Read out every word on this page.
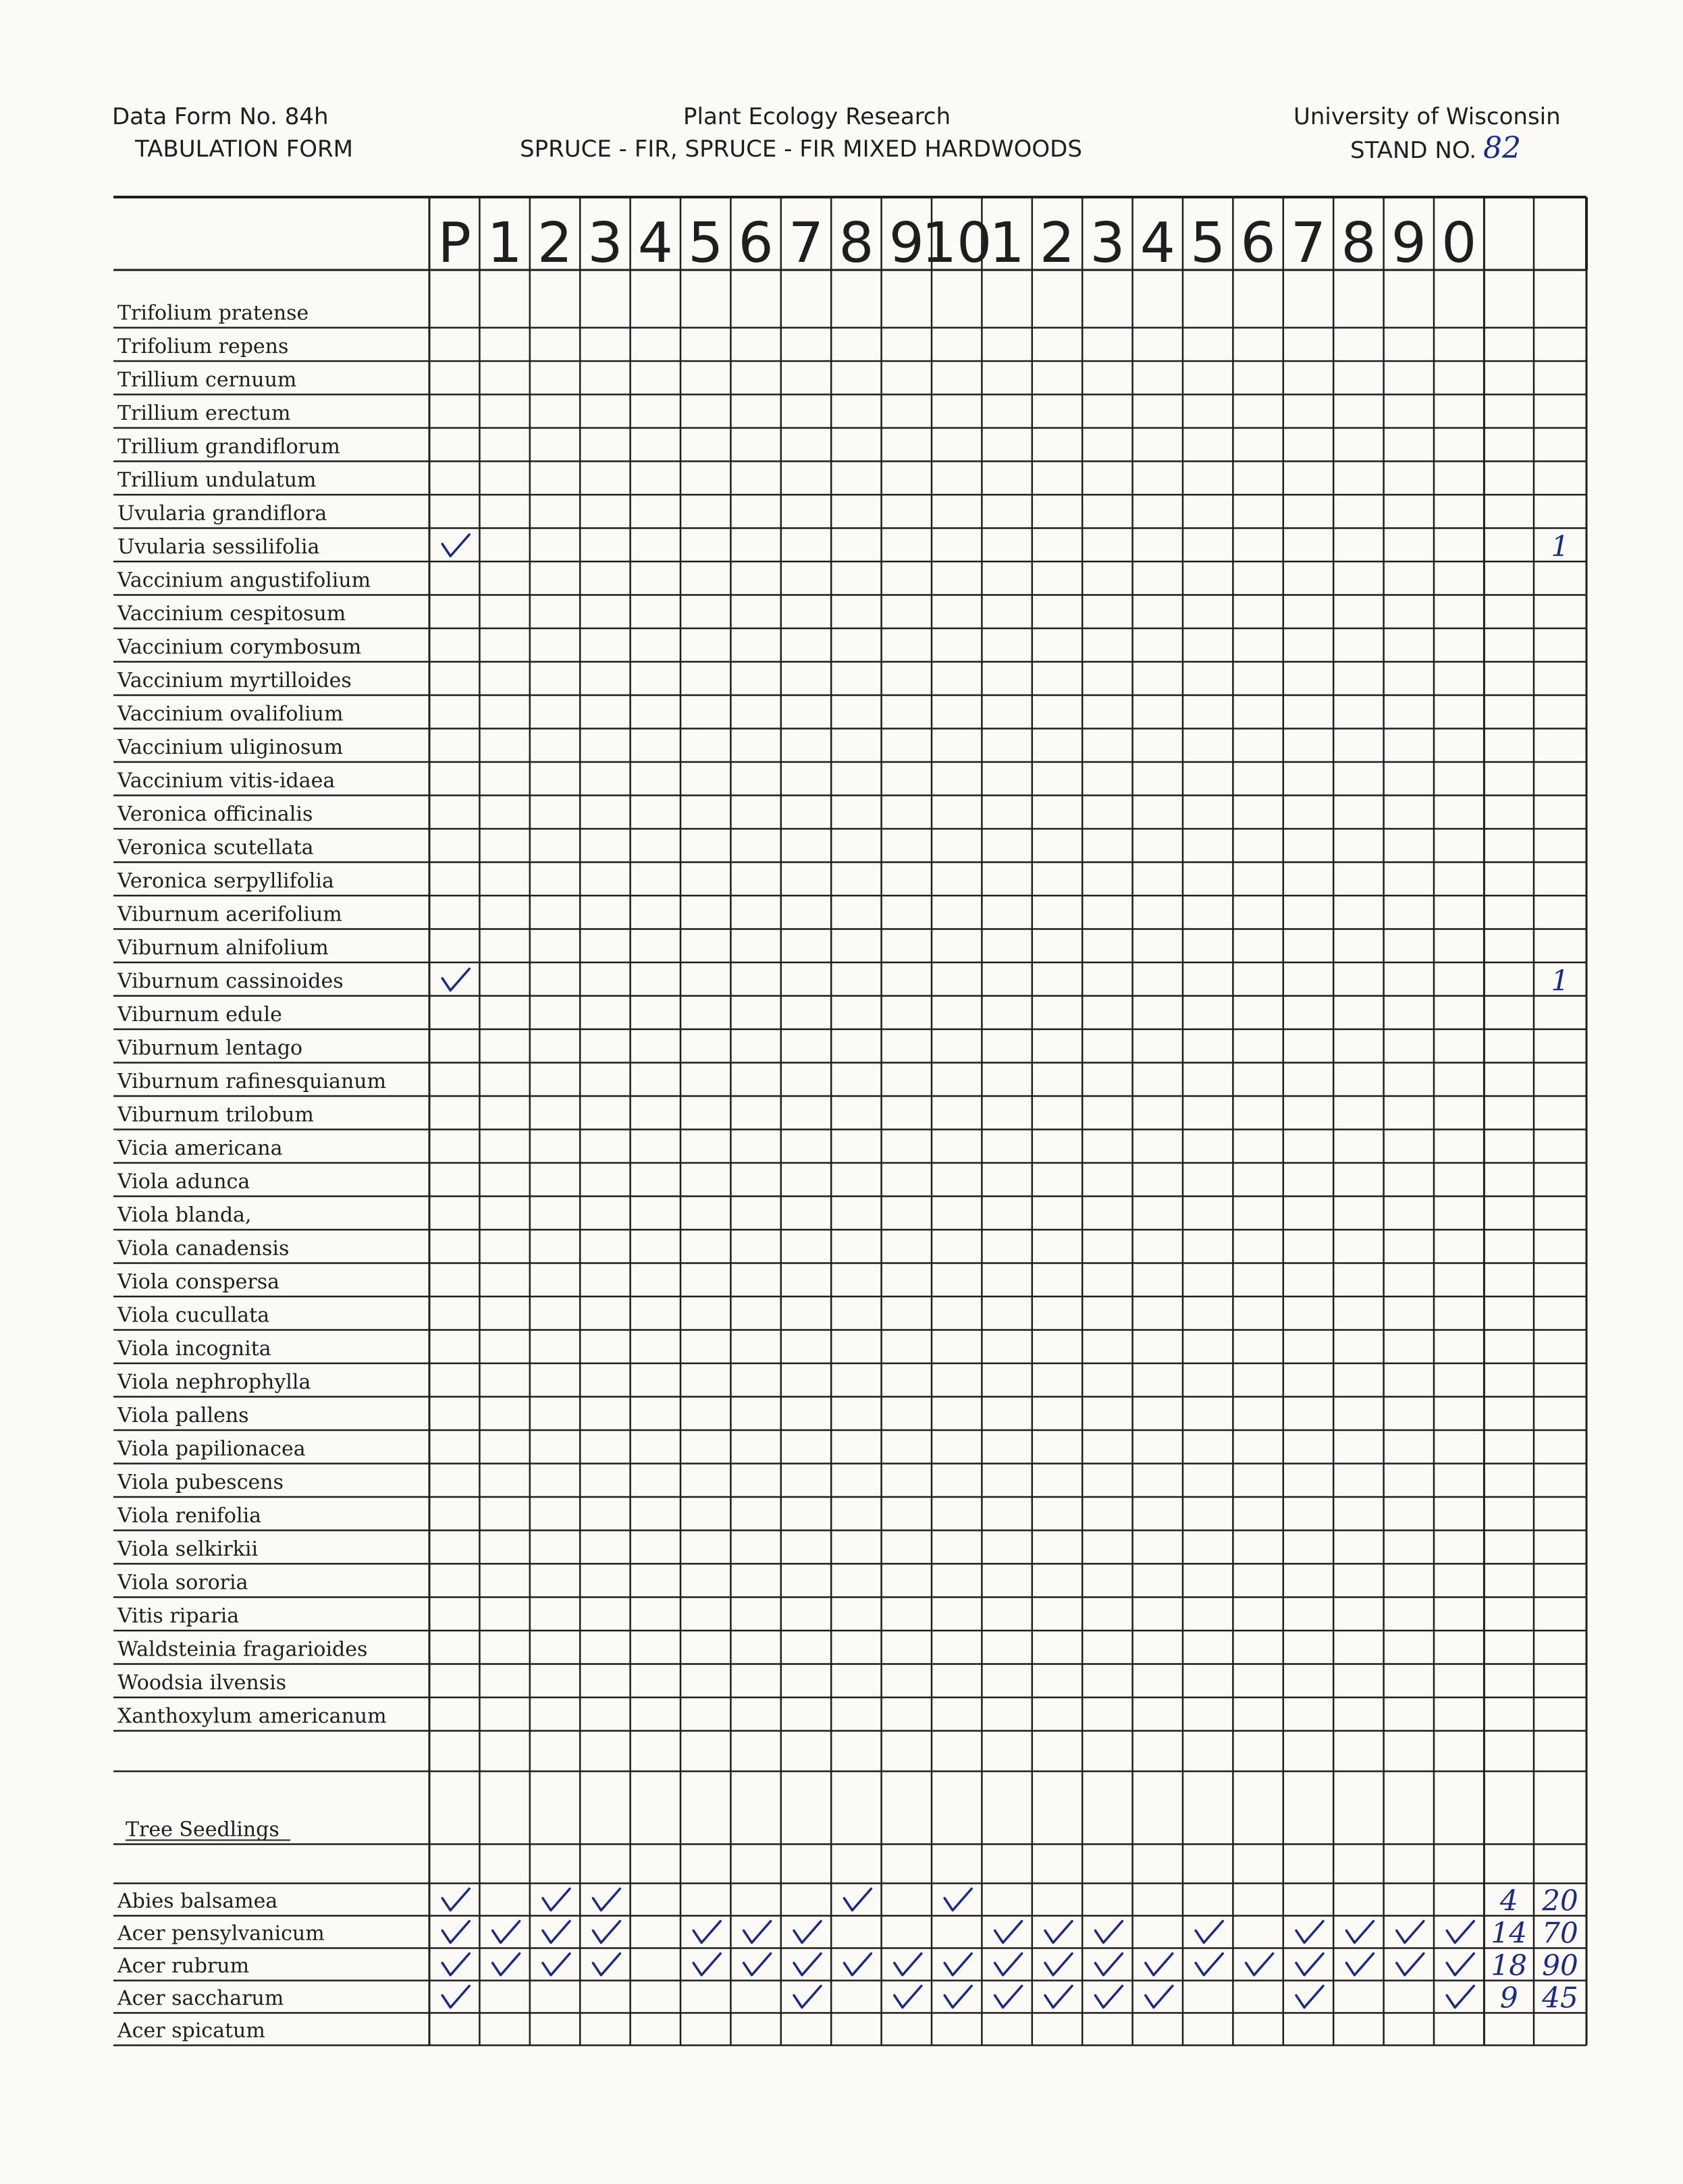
Data Form No. 84h
TABULATION FORM
Plant Ecology Research
SPRUCE - FIR, SPRUCE - FIR MIXED HARDWOODS
University of Wisconsin
STAND NO. 82
P 1 2 3 4 5 6 7 8 9
10
1 2 3 4 5 6 7 8 9 0
Trifolium pratense
Trifolium repens
Trillium cernuum
Trillium erectum
Trillium grandiflorum
Trillium undulatum
Uvularia grandiflora
Uvularia sessilifolia
Vaccinium angustifolium
Vaccinium cespitosum
Vaccinium corymbosum
Vaccinium myrtilloides
Vaccinium ovalifolium
Vaccinium uliginosum
Vaccinium vitis-idaea
Veronica officinalis
Veronica scutellata
Veronica serpyllifolia
Viburnum acerifolium
Viburnum alnifolium
Viburnum cassinoides
Viburnum edule
Viburnum lentago
Viburnum rafinesquianum
Viburnum trilobum
Vicia americana
Viola adunca
Viola blanda,
Viola canadensis
Viola conspersa
Viola cucullata
Viola incognita
Viola nephrophylla
Viola pallens
Viola papilionacea
Viola pubescens
Viola renifolia
Viola selkirkii
Viola sororia
Vitis riparia
Waldsteinia fragarioides
Woodsia ilvensis
Xanthoxylum americanum
Tree Seedlings
Abies balsamea
Acer pensylvanicum
Acer rubrum
Acer saccharum
Acer spicatum
1
1
4 20
14 70
18 90
9 45
